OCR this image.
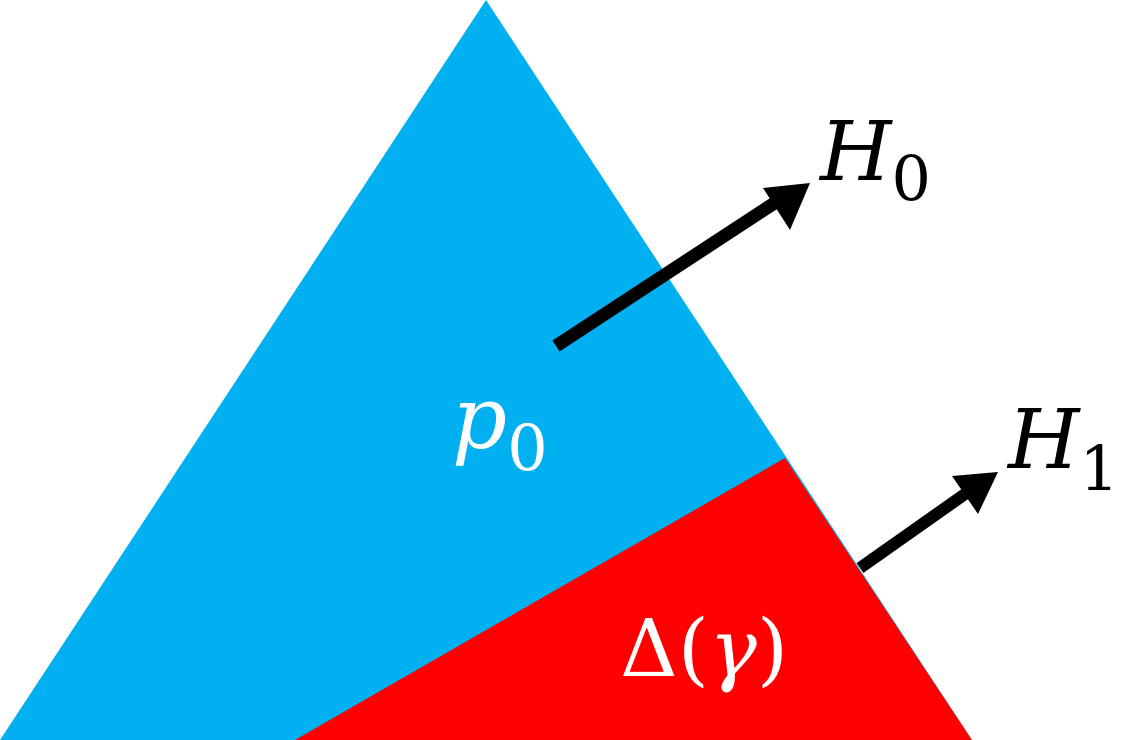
p0
Δ(γ)
H0
H1
